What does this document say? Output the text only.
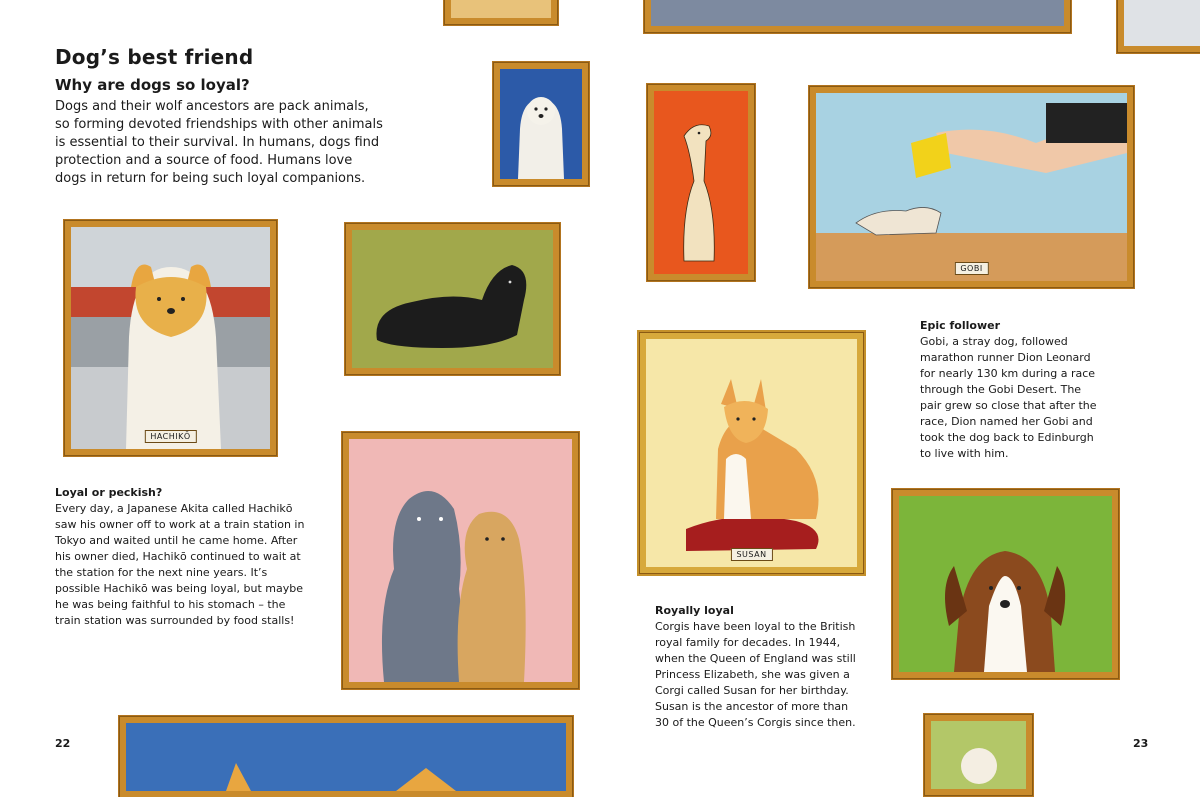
Dog’s best friend
Why are dogs so loyal?
Dogs and their wolf ancestors are pack animals, so forming devoted friendships with other animals is essential to their survival. In humans, dogs find protection and a source of food. Humans love dogs in return for being such loyal companions.
Loyal or peckish?
Every day, a Japanese Akita called Hachikō saw his owner off to work at a train station in Tokyo and waited until he came home. After his owner died, Hachikō continued to wait at the station for the next nine years. It’s possible Hachikō was being loyal, but maybe he was being faithful to his stomach – the train station was surrounded by food stalls!
Epic follower
Gobi, a stray dog, followed marathon runner Dion Leonard for nearly 130 km during a race through the Gobi Desert. The pair grew so close that after the race, Dion named her Gobi and took the dog back to Edinburgh to live with him.
Royally loyal
Corgis have been loyal to the British royal family for decades. In 1944, when the Queen of England was still Princess Elizabeth, she was given a Corgi called Susan for her birthday. Susan is the ancestor of more than 30 of the Queen’s Corgis since then.
22	23
GOBI
HACHIKŌ
SUSAN
